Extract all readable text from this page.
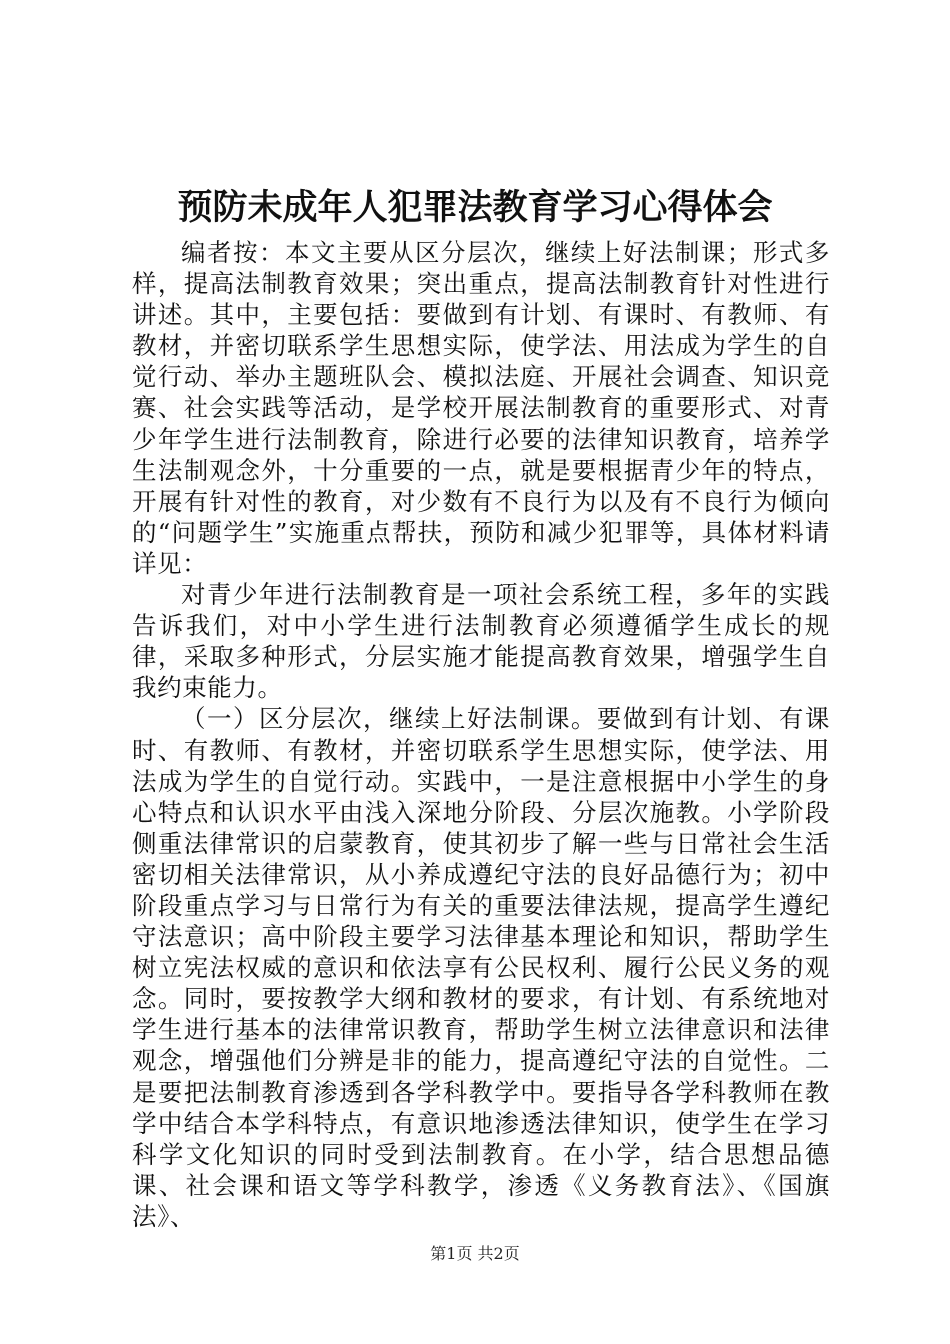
预防未成年人犯罪法教育学习心得体会

编者按：本文主要从区分层次，继续上好法制课；形式多样，提高法制教育效果；突出重点，提高法制教育针对性进行讲述。其中，主要包括：要做到有计划、有课时、有教师、有教材，并密切联系学生思想实际，使学法、用法成为学生的自觉行动、举办主题班队会、模拟法庭、开展社会调查、知识竞赛、社会实践等活动，是学校开展法制教育的重要形式、对青少年学生进行法制教育，除进行必要的法律知识教育，培养学生法制观念外，十分重要的一点，就是要根据青少年的特点，开展有针对性的教育，对少数有不良行为以及有不良行为倾向的“问题学生”实施重点帮扶，预防和减少犯罪等，具体材料请详见：

对青少年进行法制教育是一项社会系统工程，多年的实践告诉我们，对中小学生进行法制教育必须遵循学生成长的规律，采取多种形式，分层实施才能提高教育效果，增强学生自我约束能力。

（一）区分层次，继续上好法制课。要做到有计划、有课时、有教师、有教材，并密切联系学生思想实际，使学法、用法成为学生的自觉行动。实践中，一是注意根据中小学生的身心特点和认识水平由浅入深地分阶段、分层次施教。小学阶段侧重法律常识的启蒙教育，使其初步了解一些与日常社会生活密切相关法律常识，从小养成遵纪守法的良好品德行为；初中阶段重点学习与日常行为有关的重要法律法规，提高学生遵纪守法意识；高中阶段主要学习法律基本理论和知识，帮助学生树立宪法权威的意识和依法享有公民权利、履行公民义务的观念。同时，要按教学大纲和教材的要求，有计划、有系统地对学生进行基本的法律常识教育，帮助学生树立法律意识和法律观念，增强他们分辨是非的能力，提高遵纪守法的自觉性。二是要把法制教育渗透到各学科教学中。要指导各学科教师在教学中结合本学科特点，有意识地渗透法律知识，使学生在学习科学文化知识的同时受到法制教育。在小学，结合思想品德课、社会课和语文等学科教学，渗透《义务教育法》、《国旗法》、

第1页 共2页
